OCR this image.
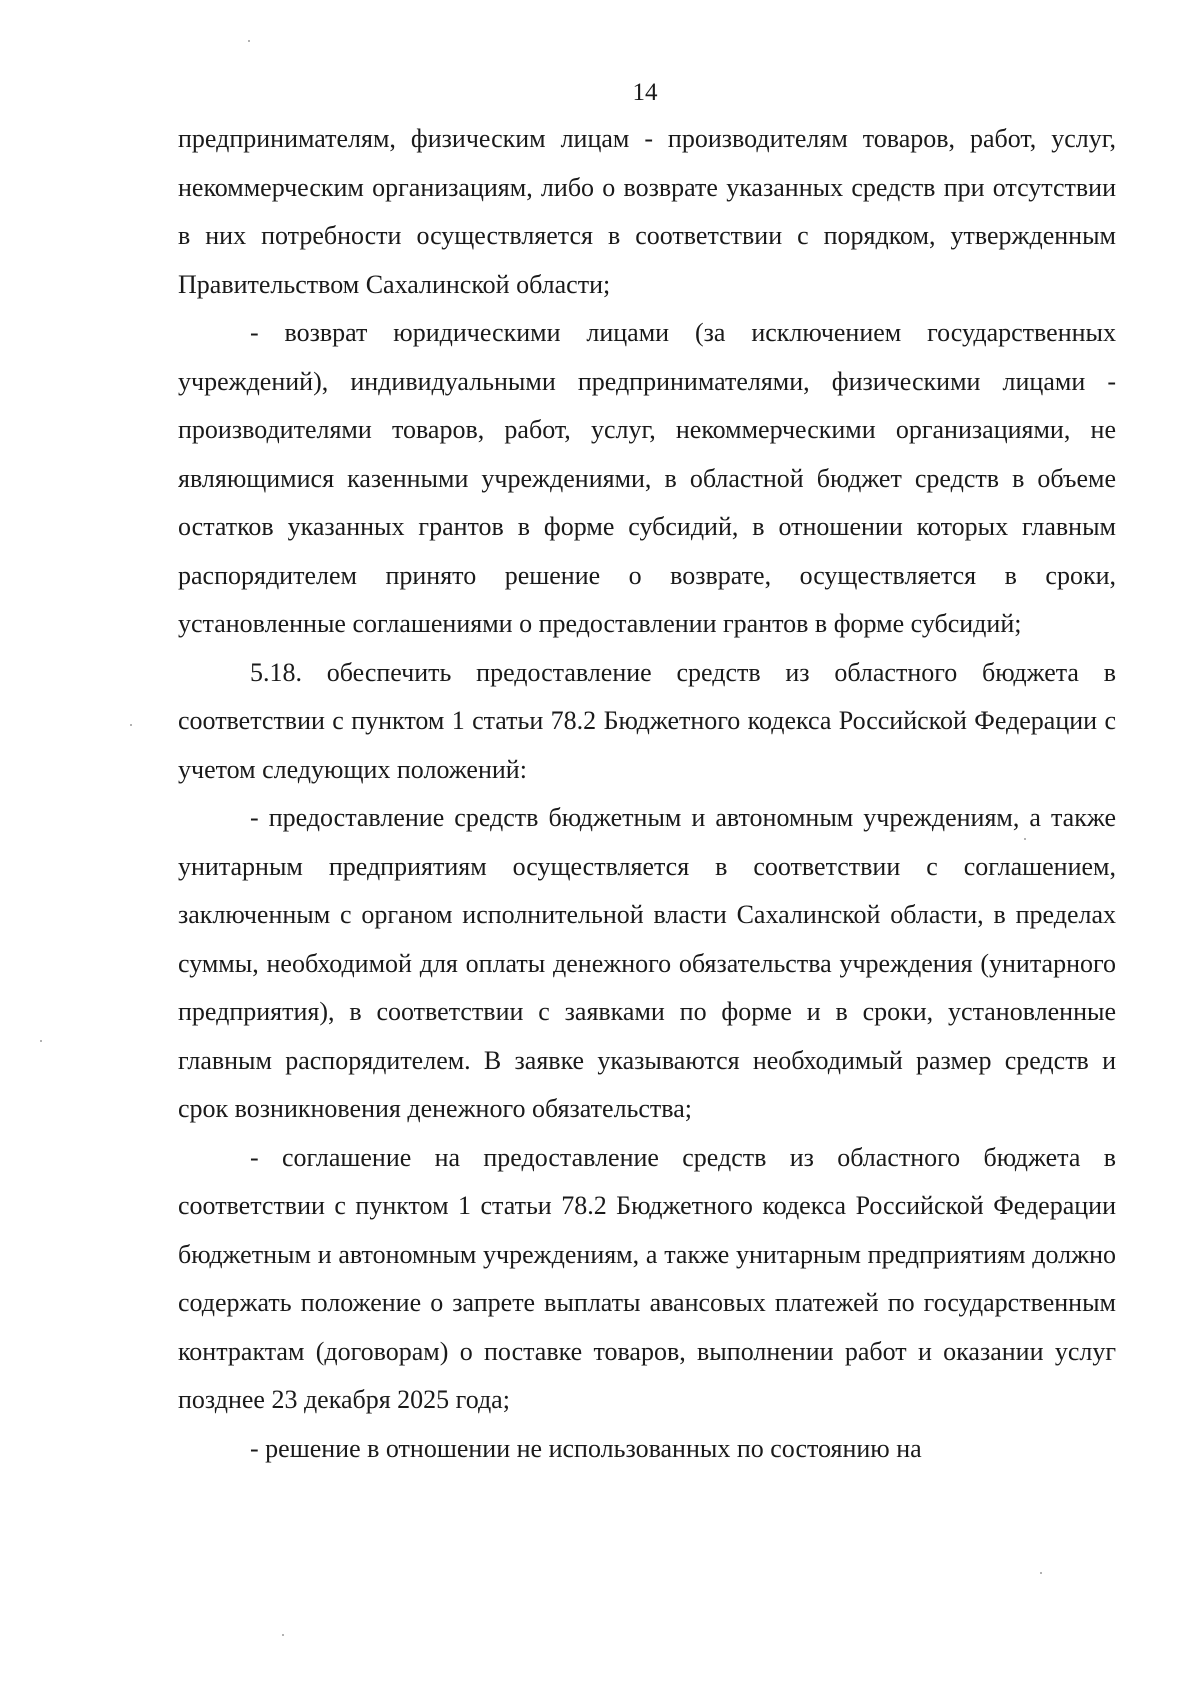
14

предпринимателям, физическим лицам - производителям товаров, работ, услуг, некоммерческим организациям, либо о возврате указанных средств при отсутствии в них потребности осуществляется в соответствии с порядком, утвержденным Правительством Сахалинской области;

- возврат юридическими лицами (за исключением государственных учреждений), индивидуальными предпринимателями, физическими лицами - производителями товаров, работ, услуг, некоммерческими организациями, не являющимися казенными учреждениями, в областной бюджет средств в объеме остатков указанных грантов в форме субсидий, в отношении которых главным распорядителем принято решение о возврате, осуществляется в сроки, установленные соглашениями о предоставлении грантов в форме субсидий;

5.18. обеспечить предоставление средств из областного бюджета в соответствии с пунктом 1 статьи 78.2 Бюджетного кодекса Российской Федерации с учетом следующих положений:

- предоставление средств бюджетным и автономным учреждениям, а также унитарным предприятиям осуществляется в соответствии с соглашением, заключенным с органом исполнительной власти Сахалинской области, в пределах суммы, необходимой для оплаты денежного обязательства учреждения (унитарного предприятия), в соответствии с заявками по форме и в сроки, установленные главным распорядителем. В заявке указываются необходимый размер средств и срок возникновения денежного обязательства;

- соглашение на предоставление средств из областного бюджета в соответствии с пунктом 1 статьи 78.2 Бюджетного кодекса Российской Федерации бюджетным и автономным учреждениям, а также унитарным предприятиям должно содержать положение о запрете выплаты авансовых платежей по государственным контрактам (договорам) о поставке товаров, выполнении работ и оказании услуг позднее 23 декабря 2025 года;

- решение в отношении не использованных по состоянию на
